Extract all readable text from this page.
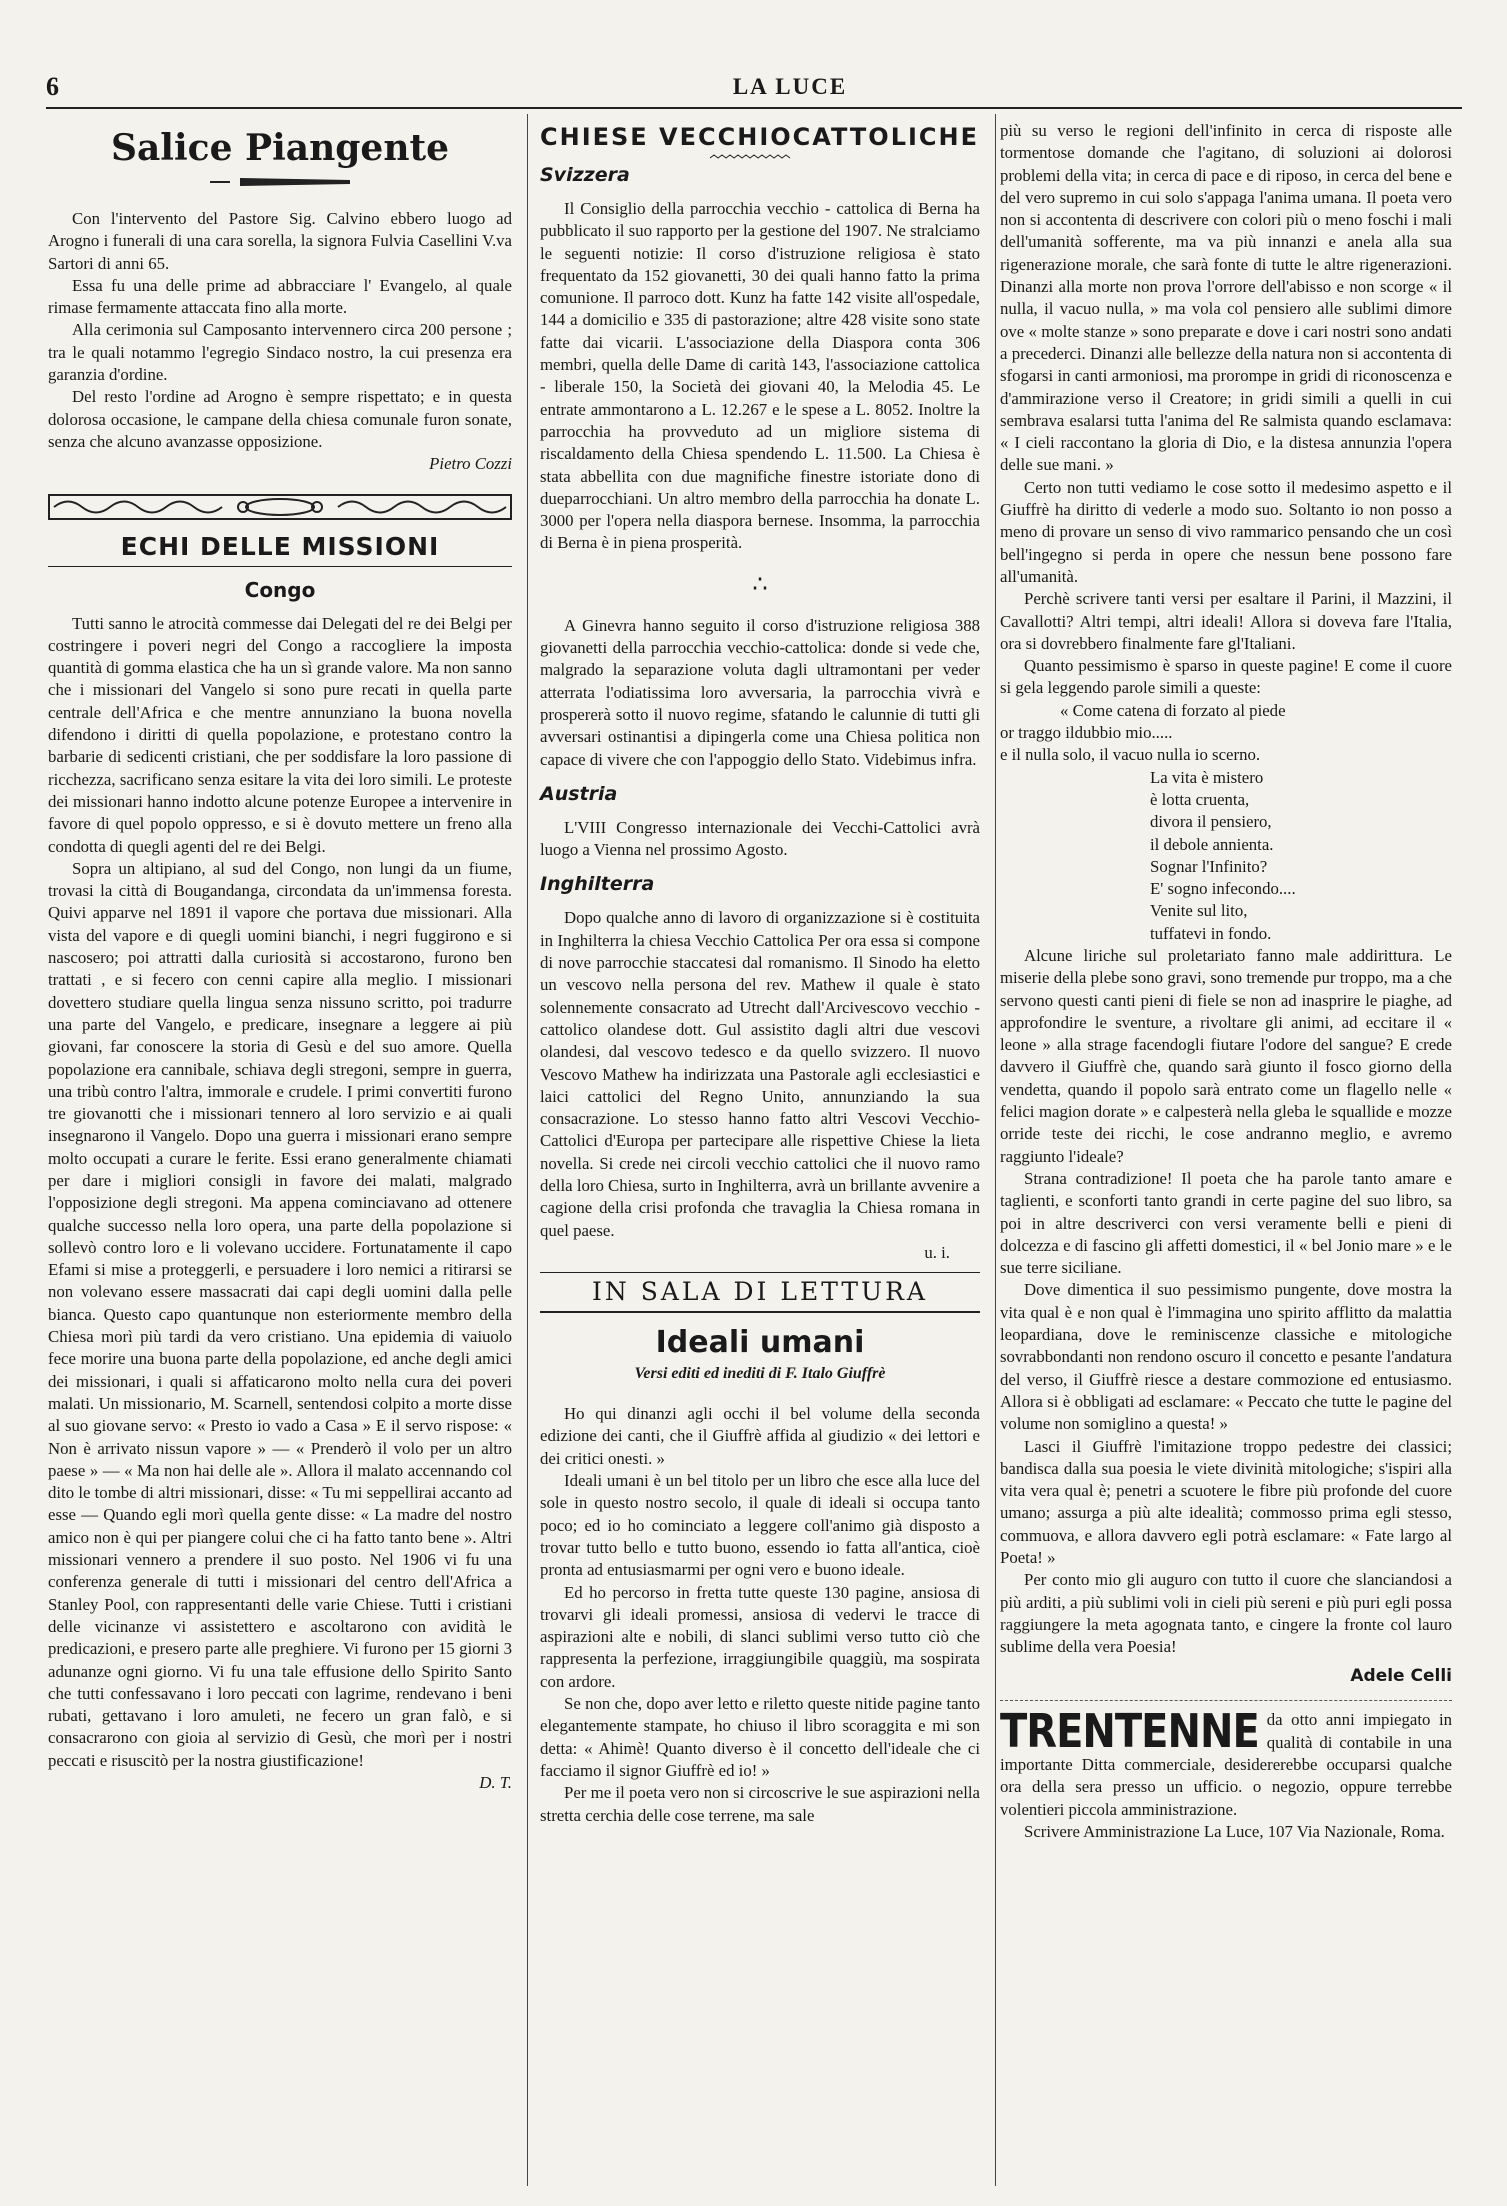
6	LA LUCE
Salice Piangente

Con l'intervento del Pastore Sig. Calvino ebbero luogo ad Arogno i funerali di una cara sorella, la signora Fulvia Casellini V.va Sartori di anni 65.

Essa fu una delle prime ad abbracciare l' Evangelo, al quale rimase fermamente attaccata fino alla morte.

Alla cerimonia sul Camposanto intervennero circa 200 persone ; tra le quali notammo l'egregio Sindaco nostro, la cui presenza era garanzia d'ordine.

Del resto l'ordine ad Arogno è sempre rispettato; e in questa dolorosa occasione, le campane della chiesa comunale furon sonate, senza che alcuno avanzasse opposizione.

Pietro Cozzi
ECHI DELLE MISSIONI
Congo

Tutti sanno le atrocità commesse dai Delegati del re dei Belgi per costringere i poveri negri del Congo a raccogliere la imposta quantità di gomma elastica che ha un sì grande valore. Ma non sanno che i missionari del Vangelo si sono pure recati in quella parte centrale dell'Africa e che mentre annunziano la buona novella difendono i diritti di quella popolazione, e protestano contro la barbarie di sedicenti cristiani, che per soddisfare la loro passione di ricchezza, sacrificano senza esitare la vita dei loro simili. Le proteste dei missionari hanno indotto alcune potenze Europee a intervenire in favore di quel popolo oppresso, e si è dovuto mettere un freno alla condotta di quegli agenti del re dei Belgi.

Sopra un altipiano, al sud del Congo, non lungi da un fiume, trovasi la città di Bougandanga, circondata da un'immensa foresta. Quivi apparve nel 1891 il vapore che portava due missionari. Alla vista del vapore e di quegli uomini bianchi, i negri fuggirono e si nascosero; poi attratti dalla curiosità si accostarono, furono ben trattati , e si fecero con cenni capire alla meglio. I missionari dovettero studiare quella lingua senza nissuno scritto, poi tradurre una parte del Vangelo, e predicare, insegnare a leggere ai più giovani, far conoscere la storia di Gesù e del suo amore. Quella popolazione era cannibale, schiava degli stregoni, sempre in guerra, una tribù contro l'altra, immorale e crudele. I primi convertiti furono tre giovanotti che i missionari tennero al loro servizio e ai quali insegnarono il Vangelo. Dopo una guerra i missionari erano sempre molto occupati a curare le ferite. Essi erano generalmente chiamati per dare i migliori consigli in favore dei malati, malgrado l'opposizione degli stregoni. Ma appena cominciavano ad ottenere qualche successo nella loro opera, una parte della popolazione si sollevò contro loro e li volevano uccidere. Fortunatamente il capo Efami si mise a proteggerli, e persuadere i loro nemici a ritirarsi se non volevano essere massacrati dai capi degli uomini dalla pelle bianca. Questo capo quantunque non esteriormente membro della Chiesa morì più tardi da vero cristiano. Una epidemia di vaiuolo fece morire una buona parte della popolazione, ed anche degli amici dei missionari, i quali si affaticarono molto nella cura dei poveri malati. Un missionario, M. Scarnell, sentendosi colpito a morte disse al suo giovane servo: « Presto io vado a Casa » E il servo rispose: « Non è arrivato nissun vapore » — « Prenderò il volo per un altro paese » — « Ma non hai delle ale ». Allora il malato accennando col dito le tombe di altri missionari, disse: « Tu mi seppellirai accanto ad esse — Quando egli morì quella gente disse: « La madre del nostro amico non è qui per piangere colui che ci ha fatto tanto bene ». Altri missionari vennero a prendere il suo posto. Nel 1906 vi fu una conferenza generale di tutti i missionari del centro dell'Africa a Stanley Pool, con rappresentanti delle varie Chiese. Tutti i cristiani delle vicinanze vi assistettero e ascoltarono con avidità le predicazioni, e presero parte alle preghiere. Vi furono per 15 giorni 3 adunanze ogni giorno. Vi fu una tale effusione dello Spirito Santo che tutti confessavano i loro peccati con lagrime, rendevano i beni rubati, gettavano i loro amuleti, ne fecero un gran falò, e si consacrarono con gioia al servizio di Gesù, che morì per i nostri peccati e risuscitò per la nostra giustificazione!

D. T.
CHIESE VECCHIOCATTOLICHE
Svizzera

Il Consiglio della parrocchia vecchio - cattolica di Berna ha pubblicato il suo rapporto per la gestione del 1907. Ne stralciamo le seguenti notizie: Il corso d'istruzione religiosa è stato frequentato da 152 giovanetti, 30 dei quali hanno fatto la prima comunione. Il parroco dott. Kunz ha fatte 142 visite all'ospedale, 144 a domicilio e 335 di pastorazione; altre 428 visite sono state fatte dai vicarii. L'associazione della Diaspora conta 306 membri, quella delle Dame di carità 143, l'associazione cattolica - liberale 150, la Società dei giovani 40, la Melodia 45. Le entrate ammontarono a L. 12.267 e le spese a L. 8052. Inoltre la parrocchia ha provveduto ad un migliore sistema di riscaldamento della Chiesa spendendo L. 11.500. La Chiesa è stata abbellita con due magnifiche finestre istoriate dono di dueparrocchiani. Un altro membro della parrocchia ha donate L. 3000 per l'opera nella diaspora bernese. Insomma, la parrocchia di Berna è in piena prosperità.

∴

A Ginevra hanno seguito il corso d'istruzione religiosa 388 giovanetti della parrocchia vecchio-cattolica: donde si vede che, malgrado la separazione voluta dagli ultramontani per veder atterrata l'odiatissima loro avversaria, la parrocchia vivrà e prospererà sotto il nuovo regime, sfatando le calunnie di tutti gli avversari ostinantisi a dipingerla come una Chiesa politica non capace di vivere che con l'appoggio dello Stato. Videbimus infra.

Austria

L'VIII Congresso internazionale dei Vecchi-Cattolici avrà luogo a Vienna nel prossimo Agosto.

Inghilterra

Dopo qualche anno di lavoro di organizzazione si è costituita in Inghilterra la chiesa Vecchio Cattolica Per ora essa si compone di nove parrocchie staccatesi dal romanismo. Il Sinodo ha eletto un vescovo nella persona del rev. Mathew il quale è stato solennemente consacrato ad Utrecht dall'Arcivescovo vecchio - cattolico olandese dott. Gul assistito dagli altri due vescovi olandesi, dal vescovo tedesco e da quello svizzero. Il nuovo Vescovo Mathew ha indirizzata una Pastorale agli ecclesiastici e laici cattolici del Regno Unito, annunziando la sua consacrazione. Lo stesso hanno fatto altri Vescovi Vecchio-Cattolici d'Europa per partecipare alle rispettive Chiese la lieta novella. Si crede nei circoli vecchio cattolici che il nuovo ramo della loro Chiesa, surto in Inghilterra, avrà un brillante avvenire a cagione della crisi profonda che travaglia la Chiesa romana in quel paese.

u. i.
IN SALA DI LETTURA
Ideali umani
Versi editi ed inediti di F. Italo Giuffrè

Ho qui dinanzi agli occhi il bel volume della seconda edizione dei canti, che il Giuffrè affida al giudizio « dei lettori e dei critici onesti. »

Ideali umani è un bel titolo per un libro che esce alla luce del sole in questo nostro secolo, il quale di ideali si occupa tanto poco; ed io ho cominciato a leggere coll'animo già disposto a trovar tutto bello e tutto buono, essendo io fatta all'antica, cioè pronta ad entusiasmarmi per ogni vero e buono ideale.

Ed ho percorso in fretta tutte queste 130 pagine, ansiosa di trovarvi gli ideali promessi, ansiosa di vedervi le tracce di aspirazioni alte e nobili, di slanci sublimi verso tutto ciò che rappresenta la perfezione, irraggiungibile quaggiù, ma sospirata con ardore.

Se non che, dopo aver letto e riletto queste nitide pagine tanto elegantemente stampate, ho chiuso il libro scoraggita e mi son detta: « Ahimè! Quanto diverso è il concetto dell'ideale che ci facciamo il signor Giuffrè ed io! »

Per me il poeta vero non si circoscrive le sue aspirazioni nella stretta cerchia delle cose terrene, ma sale

più su verso le regioni dell'infinito in cerca di risposte alle tormentose domande che l'agitano, di soluzioni ai dolorosi problemi della vita; in cerca di pace e di riposo, in cerca del bene e del vero supremo in cui solo s'appaga l'anima umana. Il poeta vero non si accontenta di descrivere con colori più o meno foschi i mali dell'umanità sofferente, ma va più innanzi e anela alla sua rigenerazione morale, che sarà fonte di tutte le altre rigenerazioni. Dinanzi alla morte non prova l'orrore dell'abisso e non scorge « il nulla, il vacuo nulla, » ma vola col pensiero alle sublimi dimore ove « molte stanze » sono preparate e dove i cari nostri sono andati a precederci. Dinanzi alle bellezze della natura non si accontenta di sfogarsi in canti armoniosi, ma prorompe in gridi di riconoscenza e d'ammirazione verso il Creatore; in gridi simili a quelli in cui sembrava esalarsi tutta l'anima del Re salmista quando esclamava: « I cieli raccontano la gloria di Dio, e la distesa annunzia l'opera delle sue mani. »

Certo non tutti vediamo le cose sotto il medesimo aspetto e il Giuffrè ha diritto di vederle a modo suo. Soltanto io non posso a meno di provare un senso di vivo rammarico pensando che un così bell'ingegno si perda in opere che nessun bene possono fare all'umanità.

Perchè scrivere tanti versi per esaltare il Parini, il Mazzini, il Cavallotti? Altri tempi, altri ideali! Allora si doveva fare l'Italia, ora si dovrebbero finalmente fare gl'Italiani.

Quanto pessimismo è sparso in queste pagine! E come il cuore si gela leggendo parole simili a queste:

« Come catena di forzato al piede

or traggo ildubbio mio.....

e il nulla solo, il vacuo nulla io scerno.

La vita è mistero
è lotta cruenta,
divora il pensiero,
il debole annienta.
Sognar l'Infinito?
E' sogno infecondo....
Venite sul lito,
tuffatevi in fondo.

Alcune liriche sul proletariato fanno male addirittura. Le miserie della plebe sono gravi, sono tremende pur troppo, ma a che servono questi canti pieni di fiele se non ad inasprire le piaghe, ad approfondire le sventure, a rivoltare gli animi, ad eccitare il « leone » alla strage facendogli fiutare l'odore del sangue? E crede davvero il Giuffrè che, quando sarà giunto il fosco giorno della vendetta, quando il popolo sarà entrato come un flagello nelle « felici magion dorate » e calpesterà nella gleba le squallide e mozze orride teste dei ricchi, le cose andranno meglio, e avremo raggiunto l'ideale?

Strana contradizione! Il poeta che ha parole tanto amare e taglienti, e sconforti tanto grandi in certe pagine del suo libro, sa poi in altre descriverci con versi veramente belli e pieni di dolcezza e di fascino gli affetti domestici, il « bel Jonio mare » e le sue terre siciliane.

Dove dimentica il suo pessimismo pungente, dove mostra la vita qual è e non qual è l'immagina uno spirito afflitto da malattia leopardiana, dove le reminiscenze classiche e mitologiche sovrabbondanti non rendono oscuro il concetto e pesante l'andatura del verso, il Giuffrè riesce a destare commozione ed entusiasmo. Allora si è obbligati ad esclamare: « Peccato che tutte le pagine del volume non somiglino a questa! »

Lasci il Giuffrè l'imitazione troppo pedestre dei classici; bandisca dalla sua poesia le viete divinità mitologiche; s'ispiri alla vita vera qual è; penetri a scuotere le fibre più profonde del cuore umano; assurga a più alte idealità; commosso prima egli stesso, commuova, e allora davvero egli potrà esclamare: « Fate largo al Poeta! »

Per conto mio gli auguro con tutto il cuore che slanciandosi a più arditi, a più sublimi voli in cieli più sereni e più puri egli possa raggiungere la meta agognata tanto, e cingere la fronte col lauro sublime della vera Poesia!

Adele Celli
TRENTENNE da otto anni impiegato in qualità di contabile in una importante Ditta commerciale, desidererebbe occuparsi qualche ora della sera presso un ufficio. o negozio, oppure terrebbe volentieri piccola amministrazione.

Scrivere Amministrazione La Luce, 107 Via Nazionale, Roma.
